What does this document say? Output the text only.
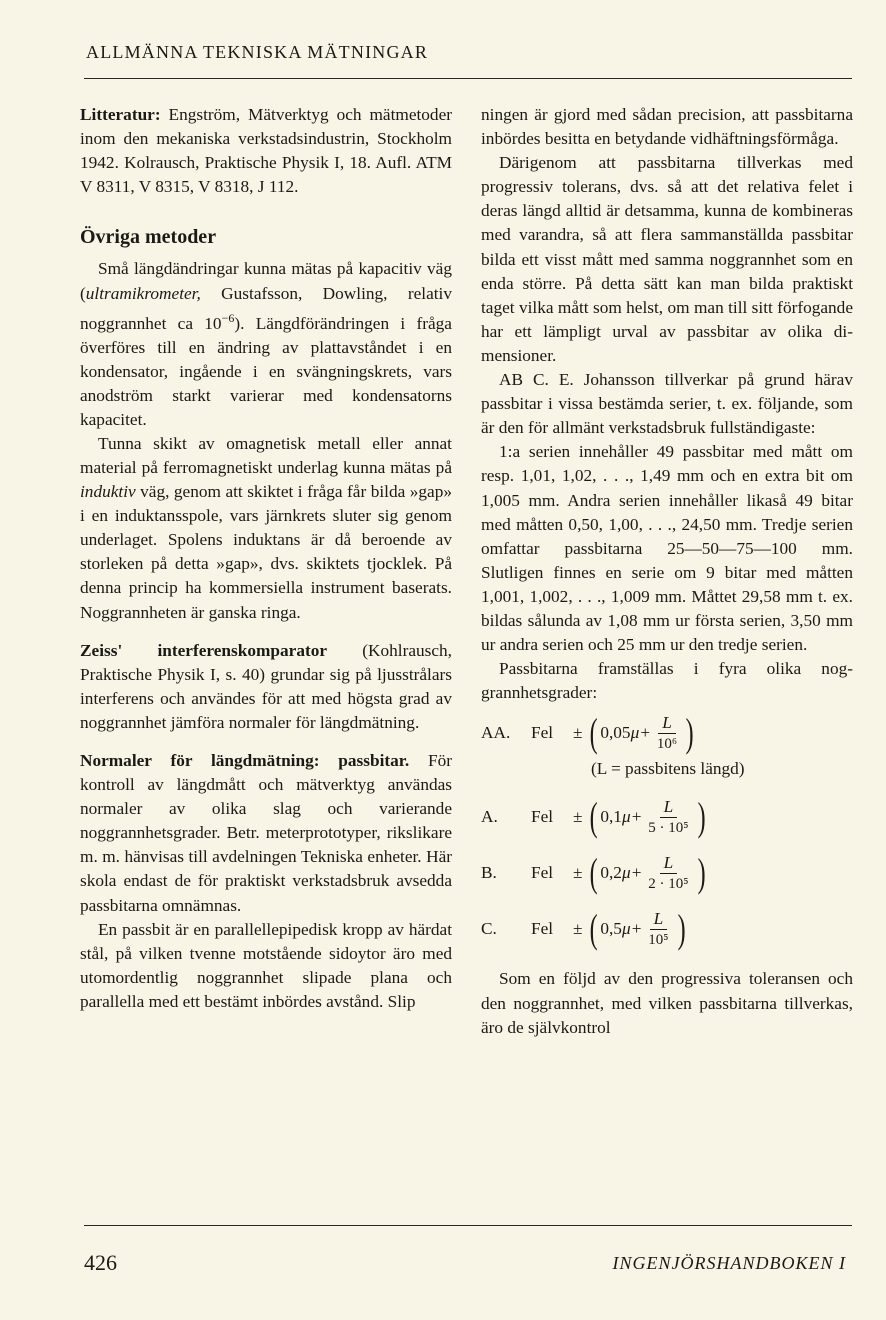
ALLMÄNNA TEKNISKA MÄTNINGAR

Litteratur: Engström, Mätverktyg och mätmetoder inom den mekaniska verkstadsindustrin, Stockholm 1942. Kolrausch, Praktische Physik I, 18. Aufl. ATM V 8311, V 8315, V 8318, J 112.

Övriga metoder

Små längdändringar kunna mätas på kapacitiv väg (ultramikrometer, Gustafsson, Dowling, relativ noggrannhet ca $10^{-6}$). Längdförändringen i fråga överföres till en ändring av plattavståndet i en kondensator, ingående i en svängningskrets, vars anodström starkt varierar med kondensatorns kapacitet.

Tunna skikt av omagnetisk metall eller annat material på ferromagnetiskt underlag kunna mätas på induktiv väg, genom att skiktet i fråga får bilda »gap» i en induktansspole, vars järnkrets sluter sig genom underlaget. Spolens induktans är då beroende av storleken på detta »gap», dvs. skiktets tjocklek. På denna princip ha kommersiella instrument baserats. Noggrannheten är ganska ringa.

Zeiss' interferenskomparator (Kohlrausch, Praktische Physik I, s. 40) grundar sig på ljusstrålars interferens och användes för att med högsta grad av noggrannhet jämföra normaler för längdmätning.

Normaler för längdmätning: passbitar. För kontroll av längdmått och mätverktyg användas normaler av olika slag och varierande noggrannhetsgrader. Betr. meterprototyper, rikslikare m. m. hänvisas till avdelningen Tekniska enheter. Här skola endast de för praktiskt verkstadsbruk avsedda passbitarna omnämnas.

En passbit är en parallellepipedisk kropp av härdat stål, på vilken tvenne motstående sidoytor äro med utomordentlig noggrannhet slipade plana och parallella med ett bestämt inbördes avstånd. Slip

ningen är gjord med sådan precision, att passbitarna inbördes besitta en betydande vidhäftningsförmåga.

Därigenom att passbitarna tillverkas med progressiv tolerans, dvs. så att det relativa felet i deras längd alltid är detsamma, kunna de kombineras med varandra, så att flera sammanställda passbitar bilda ett visst mått med samma noggrannhet som en enda större. På detta sätt kan man bilda praktiskt taget vilka mått som helst, om man till sitt förfogande har ett lämpligt urval av passbitar av olika dimensioner.

AB C. E. Johansson tillverkar på grund härav passbitar i vissa bestämda serier, t. ex. följande, som är den för allmänt verkstadsbruk fullständigaste:

1:a serien innehåller 49 passbitar med mått om resp. 1,01, 1,02, . . ., 1,49 mm och en extra bit om 1,005 mm. Andra serien innehåller likaså 49 bitar med måtten 0,50, 1,00, . . ., 24,50 mm. Tredje serien omfattar passbitarna 25—50—75—100 mm. Slutligen finnes en serie om 9 bitar med måtten 1,001, 1,002, . . ., 1,009 mm. Måttet 29,58 mm t. ex. bildas sålunda av 1,08 mm ur första serien, 3,50 mm ur andra serien och 25 mm ur den tredje serien.

Passbitarna framställas i fyra olika noggrannhetsgrader:

AA.	Fel	± ( 0,05 $\mu+ \frac{L}{\text{10⁶}}$ )
(L = passbitens längd)
A.	Fel	± ( 0,1 $\mu+ \frac{L}{\text{5 · 10⁵}}$ )
B.	Fel	± ( 0,2 $\mu+ \frac{L}{\text{2 · 10⁵}}$ )
C.	Fel	± ( 0,5 $\mu+ \frac{L}{\text{10⁵}}$ )

Som en följd av den progressiva toleransen och den noggrannhet, med vilken passbitarna tillverkas, äro de självkontrol

426	INGENJÖRSHANDBOKEN I
